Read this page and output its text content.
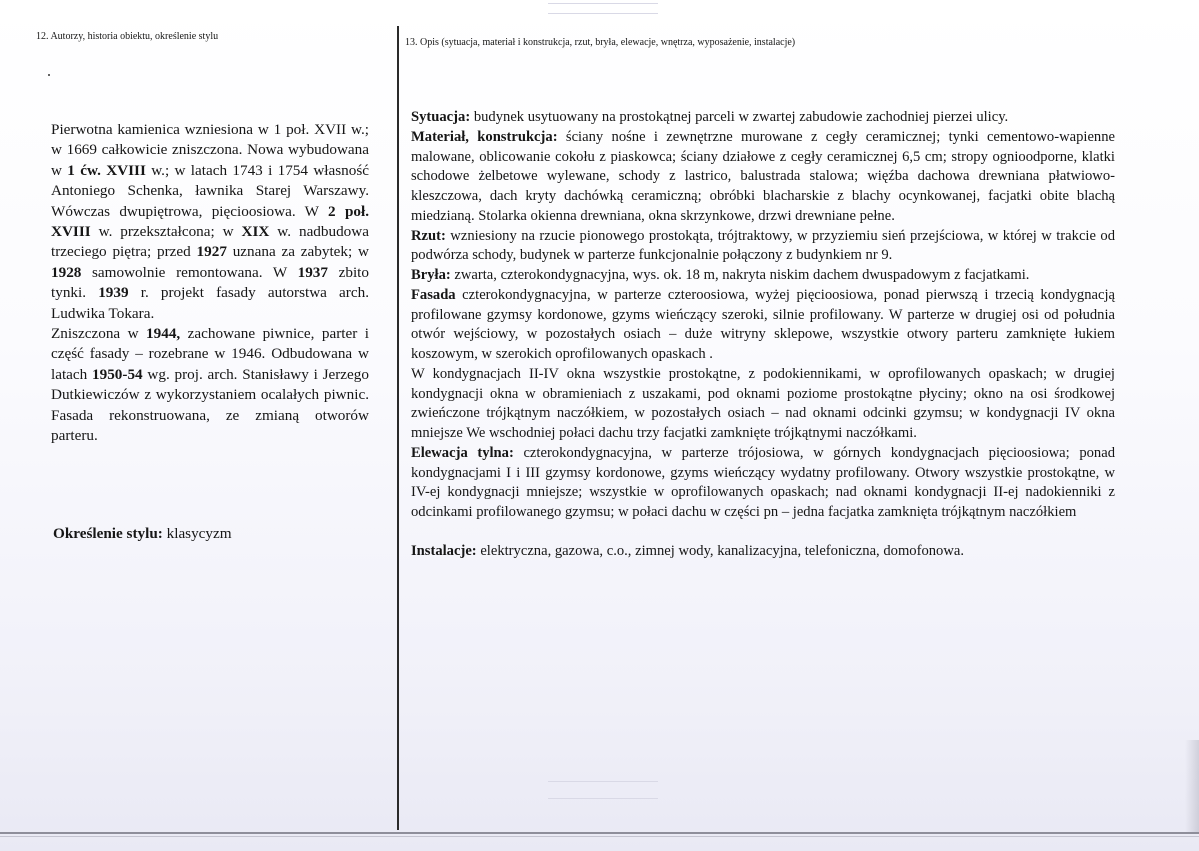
12. Autorzy, historia obiektu, określenie stylu
13. Opis (sytuacja, materiał i konstrukcja, rzut, bryła, elewacje, wnętrza, wyposażenie, instalacje)

Pierwotna kamienica wzniesiona w 1 poł. XVII w.; w 1669 całkowicie zniszczona. Nowa wybudowana w 1 ćw. XVIII w.; w latach 1743 i 1754 własność Antoniego Schenka, ławnika Starej Warszawy. Wówczas dwupiętrowa, pięcioosiowa. W 2 poł. XVIII w. przekształcona; w XIX w. nadbudowa trzeciego piętra; przed 1927 uznana za zabytek; w 1928 samowolnie remontowana. W 1937 zbito tynki. 1939 r. projekt fasady autorstwa arch. Ludwika Tokara.

Zniszczona w 1944, zachowane piwnice, parter i część fasady – rozebrane w 1946. Odbudowana w latach 1950-54 wg. proj. arch. Stanisławy i Jerzego Dutkiewiczów z wykorzystaniem ocalałych piwnic. Fasada rekonstruowana, ze zmianą otworów parteru.

Określenie stylu: klasycyzm

Sytuacja: budynek usytuowany na prostokątnej parceli w zwartej zabudowie zachodniej pierzei ulicy.

Materiał, konstrukcja: ściany nośne i zewnętrzne murowane z cegły ceramicznej; tynki cementowo-wapienne malowane, oblicowanie cokołu z piaskowca; ściany działowe z cegły ceramicznej 6,5 cm; stropy ognioodporne, klatki schodowe żelbetowe wylewane, schody z lastrico, balustrada stalowa; więźba dachowa drewniana płatwiowo-kleszczowa, dach kryty dachówką ceramiczną; obróbki blacharskie z blachy ocynkowanej, facjatki obite blachą miedzianą. Stolarka okienna drewniana, okna skrzynkowe, drzwi drewniane pełne.

Rzut: wzniesiony na rzucie pionowego prostokąta, trójtraktowy, w przyziemiu sień przejściowa, w której w trakcie od podwórza schody, budynek w parterze funkcjonalnie połączony z budynkiem nr 9.

Bryła: zwarta, czterokondygnacyjna, wys. ok. 18 m, nakryta niskim dachem dwuspadowym z facjatkami.

Fasada czterokondygnacyjna, w parterze czteroosiowa, wyżej pięcioosiowa, ponad pierwszą i trzecią kondygnacją profilowane gzymsy kordonowe, gzyms wieńczący szeroki, silnie profilowany. W parterze w drugiej osi od południa otwór wejściowy, w pozostałych osiach – duże witryny sklepowe, wszystkie otwory parteru zamknięte łukiem koszowym, w szerokich oprofilowanych opaskach .

W kondygnacjach II-IV okna wszystkie prostokątne, z podokiennikami, w oprofilowanych opaskach; w drugiej kondygnacji okna w obramieniach z uszakami, pod oknami poziome prostokątne płyciny; okno na osi środkowej zwieńczone trójkątnym naczółkiem, w pozostałych osiach – nad oknami odcinki gzymsu; w kondygnacji IV okna mniejsze We wschodniej połaci dachu trzy facjatki zamknięte trójkątnymi naczółkami.

Elewacja tylna: czterokondygnacyjna, w parterze trójosiowa, w górnych kondygnacjach pięcioosiowa; ponad kondygnacjami I i III gzymsy kordonowe, gzyms wieńczący wydatny profilowany. Otwory wszystkie prostokątne, w IV-ej kondygnacji mniejsze; wszystkie w oprofilowanych opaskach; nad oknami kondygnacji II-ej nadokienniki z odcinkami profilowanego gzymsu; w połaci dachu w części pn – jedna facjatka zamknięta trójkątnym naczółkiem

Instalacje: elektryczna, gazowa, c.o., zimnej wody, kanalizacyjna, telefoniczna, domofonowa.
